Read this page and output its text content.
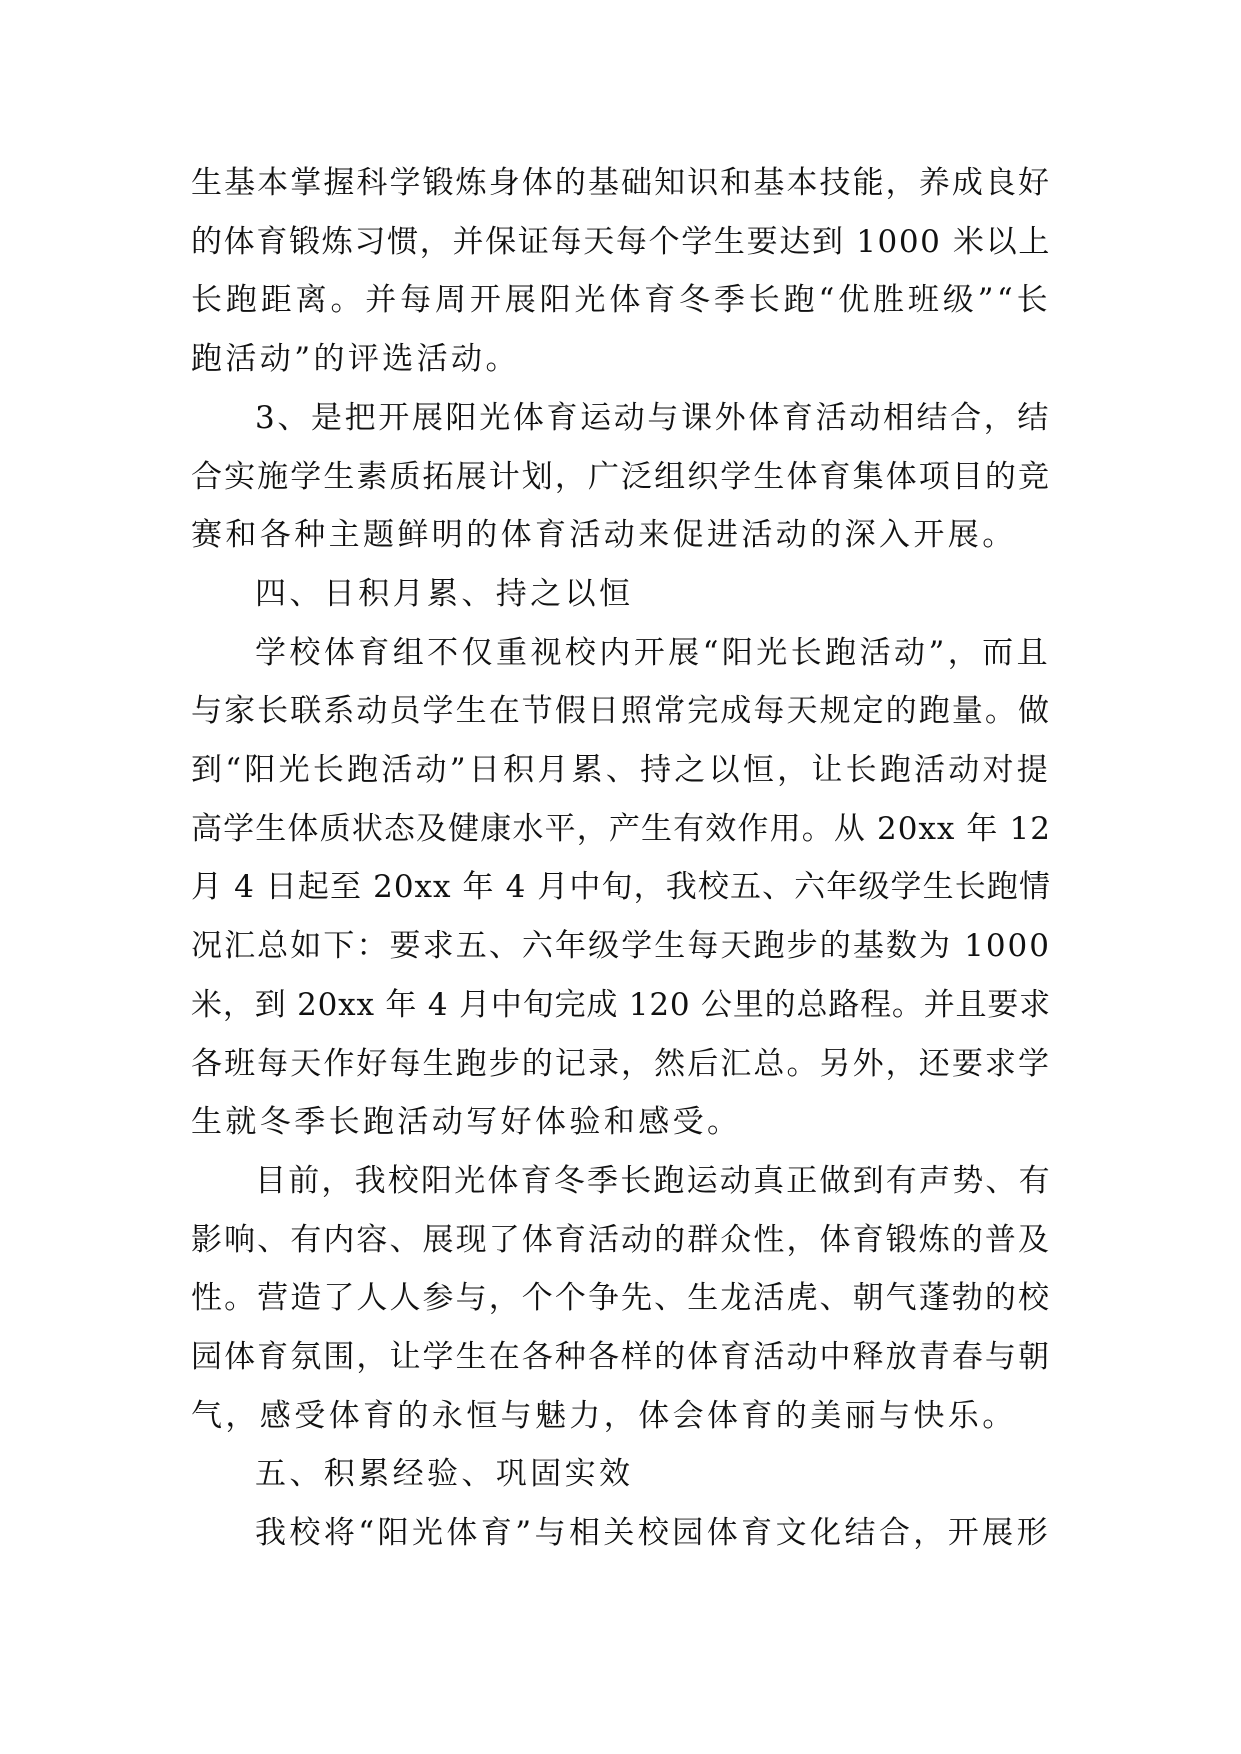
生基本掌握科学锻炼身体的基础知识和基本技能，养成良好
的体育锻炼习惯，并保证每天每个学生要达到 1000 米以上
长跑距离。并每周开展阳光体育冬季长跑“优胜班级”“长
跑活动”的评选活动。
3、是把开展阳光体育运动与课外体育活动相结合，结
合实施学生素质拓展计划，广泛组织学生体育集体项目的竞
赛和各种主题鲜明的体育活动来促进活动的深入开展。
四、日积月累、持之以恒
学校体育组不仅重视校内开展“阳光长跑活动”，而且
与家长联系动员学生在节假日照常完成每天规定的跑量。做
到“阳光长跑活动”日积月累、持之以恒，让长跑活动对提
高学生体质状态及健康水平，产生有效作用。从 20xx 年 12
月 4 日起至 20xx 年 4 月中旬，我校五、六年级学生长跑情
况汇总如下：要求五、六年级学生每天跑步的基数为 1000
米，到 20xx 年 4 月中旬完成 120 公里的总路程。并且要求
各班每天作好每生跑步的记录，然后汇总。另外，还要求学
生就冬季长跑活动写好体验和感受。
目前，我校阳光体育冬季长跑运动真正做到有声势、有
影响、有内容、展现了体育活动的群众性，体育锻炼的普及
性。营造了人人参与，个个争先、生龙活虎、朝气蓬勃的校
园体育氛围，让学生在各种各样的体育活动中释放青春与朝
气，感受体育的永恒与魅力，体会体育的美丽与快乐。
五、积累经验、巩固实效
我校将“阳光体育”与相关校园体育文化结合，开展形
